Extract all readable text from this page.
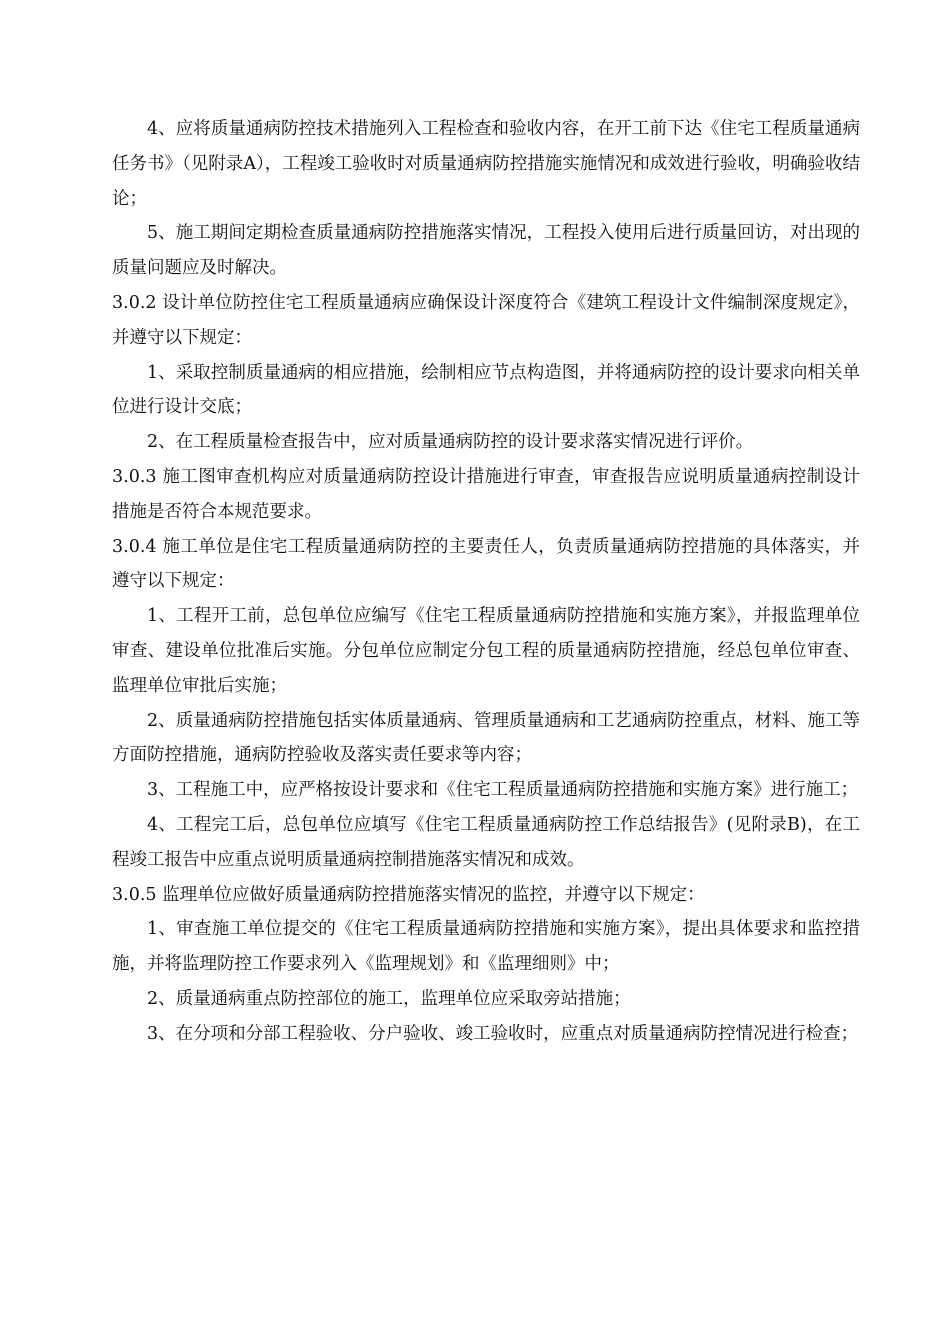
4、应将质量通病防控技术措施列入工程检查和验收内容，在开工前下达《住宅工程质量通病任务书》（见附录A），工程竣工验收时对质量通病防控措施实施情况和成效进行验收，明确验收结论；

5、施工期间定期检查质量通病防控措施落实情况，工程投入使用后进行质量回访，对出现的质量问题应及时解决。

3.0.2 设计单位防控住宅工程质量通病应确保设计深度符合《建筑工程设计文件编制深度规定》，并遵守以下规定：

1、采取控制质量通病的相应措施，绘制相应节点构造图，并将通病防控的设计要求向相关单位进行设计交底；

2、在工程质量检查报告中，应对质量通病防控的设计要求落实情况进行评价。

3.0.3 施工图审查机构应对质量通病防控设计措施进行审查，审查报告应说明质量通病控制设计措施是否符合本规范要求。

3.0.4 施工单位是住宅工程质量通病防控的主要责任人，负责质量通病防控措施的具体落实，并遵守以下规定：

1、工程开工前，总包单位应编写《住宅工程质量通病防控措施和实施方案》，并报监理单位审查、建设单位批准后实施。分包单位应制定分包工程的质量通病防控措施，经总包单位审查、监理单位审批后实施；

2、质量通病防控措施包括实体质量通病、管理质量通病和工艺通病防控重点，材料、施工等方面防控措施，通病防控验收及落实责任要求等内容；

3、工程施工中，应严格按设计要求和《住宅工程质量通病防控措施和实施方案》进行施工；

4、工程完工后，总包单位应填写《住宅工程质量通病防控工作总结报告》(见附录B)，在工程竣工报告中应重点说明质量通病控制措施落实情况和成效。

3.0.5 监理单位应做好质量通病防控措施落实情况的监控，并遵守以下规定：

1、审查施工单位提交的《住宅工程质量通病防控措施和实施方案》，提出具体要求和监控措施，并将监理防控工作要求列入《监理规划》和《监理细则》中；

2、质量通病重点防控部位的施工，监理单位应采取旁站措施；

3、在分项和分部工程验收、分户验收、竣工验收时，应重点对质量通病防控情况进行检查；
